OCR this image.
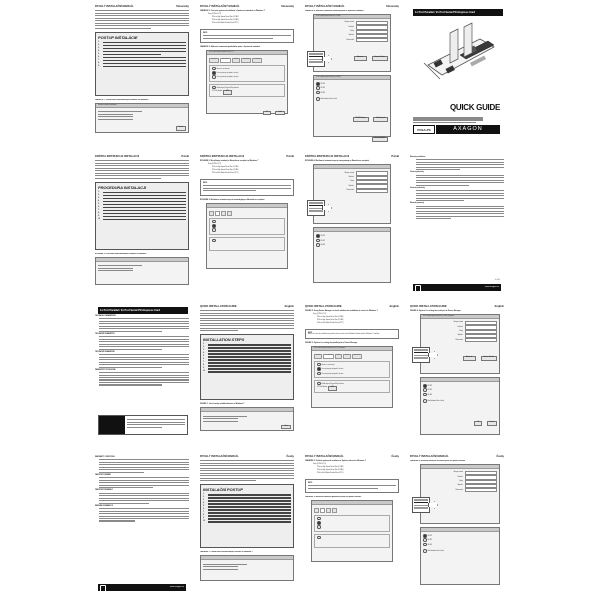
RYCHLÝ INSTALAČNÍ MANUÁL	Slovensky
POSTUP INŠTALÁCIE
1.
2.
3.
4.
5.
6.
7.
8.
9.
OBRÁZOK 1: Príklad novo nainštalovaných zariadení vo Windows 7
Inštalácia ovládača zariadenia
Zavrieť
RYCHLÝ INŠTALAČNÝ MANUÁL	Slovensky
OBRÁZOK 2: Overenie správnosti inštalácie v Správcovi zariadení vo Windows 7
Porty (COM & LPT)
PCIe to High Speed Serial Port (COM3)
PCIe to High Speed Serial Port (COM4)
PCIe to Multi Mode Parallel Port (LPT1)
INFO
OBRÁZOK 3: Možnosti nastavenia paralelného portu v Správcovi zariadení
PCIe to Multi Mode Parallel Port (LPT1)
Všeobecné	Port Settings	Ovládač	Podrobnosti	Prostriedky
Never use an interrupt
Use any interrupt assigned to the port
Use any interrupt assigned to the port
Enable legacy Plug and Play detection
LPT Port Number: LPT1
OK	Zrušiť
RYCHLÝ INŠTALAČNÝ MANUÁL	Slovensky
OBRÁZOK 4: Možnosti nastavenia sériového portu v Správcovi zariadení
PCIe to High Speed Serial Port (COM3)
Bits per second:
Data bits:
Parity:
Stop bits:
Flow control:
Advanced...	Restore Defaults

PCIe to High Speed Serial Port (COM3)
RS-232
RS-422
RS-485
Auto Hardware Flow Control
RS-485 Settings	Set Maxspeed
Restore Defaults

1x Port Parallel / 2x Port Serial PCI-Express Card
QUICK GUIDE
PCEA-PS	AXAGON
KRÓTKA INSTRUKCJA INSTALACJI	Polski
PROCEDURA INSTALACJI
1.
2.
3.
4.
5.
6.
7.
8.
9.
10.
RYSUNEK 1: Lista nowo zainstalowanych urządzeń w Windows 7
KRÓTKA INSTRUKCJA INSTALACJI	Polski
RYSUNEK 2: Weryfikacja instalacji w Menedżerze urządzeń w Windows 7
Porty (COM & LPT)
PCIe to High Speed Serial Port (COM3)
PCIe to High Speed Serial Port (COM4)
PCIe to Multi Mode Parallel Port (LPT1)
INFO
RYSUNEK 3: Możliwości ustawienia portu równoległego w Menedżerze urządzeń

KRÓTKA INSTRUKCJA INSTALACJI	Polski
RYSUNEK 4: Możliwości ustawienia portu szeregowego w Menedżerze urządzeń
Bits per second:
Data bits:
Parity:
Stop bits:
Flow control:
RS-232
RS-422
RS-485
Warranty conditions
Záruční podmínky
Záručné podmienky
Warunki gwarancji
Ver.2016
www.axagon.eu
1x Port Parallel / 2x Port Serial PCI-Express Card
TECHNICAL PARAMETERS
TECHNICKÉ PARAMETRY
TECHNICKÉ PARAMETRE
PARAMETRY TECHNICZNE
QUICK INSTALLATION GUIDE	English
INSTALLATION STEPS
1.
2.
3.
4.
5.
6.
7.
8.
9.
10.
FIGURE 1: List of newly installed devices in Windows 7
Close
QUICK INSTALLATION GUIDE	English
FIGURE 2: Using Device Manager to check whether the installation is correct in Windows 7
Porty (COM & LPT)
PCIe to High Speed Serial Port (COM3)
PCIe to High Speed Serial Port (COM4)
PCIe to Multi Mode Parallel Port (LPT1)
INFO
drivers can also be installed using online direct search via the Windows Update tool for Windows 7 and later
FIGURE 3: Options for setting the parallel port in Device Manager
PCIe to Multi Mode Parallel Port (LPT1) Properties
General	Port Settings	Driver	Details	Resources
Never use an interrupt
Use any interrupt assigned to the port
Use any interrupt assigned to the port
Enable legacy Plug and Play detection
LPT Port Number: LPT1
QUICK INSTALLATION GUIDE	English
FIGURE 4: Options for setting the serial port in Device Manager
PCIe to High Speed Serial Port (COM3) Properties
Bits per second:
Data bits:
Parity:
Stop bits:
Flow control:
Advanced...	Restore Defaults
RS-232
RS-422
RS-485
Auto Hardware Flow Control
OK	Cancel
WARRANTY CONDITIONS
ZÁRUČNÍ PODMÍNKY
ZÁRUČNÉ PODMIENKY
WARUNKI GWARANCJI
www.axagon.eu
RYCHLÝ INSTALAČNÍ MANUÁL	Česky
INSTALAČNÍ POSTUP
1.
2.
3.
4.
5.
6.
7.
8.
9.
10.
OBRÁZEK 1: Příklad nově nainstalovaných zařízení ve Windows 7
RYCHLÝ INSTALAČNÍ MANUÁL	Česky
OBRÁZEK 2: Ověření správnosti instalace ve Správci zařízení ve Windows 7
Porty (COM & LPT)
PCIe to High Speed Serial Port (COM3)
PCIe to High Speed Serial Port (COM4)
PCIe to Multi Mode Parallel Port (LPT1)
INFO
OBRÁZEK 3: Možnosti nastavení paralelního portu ve Správci zařízení

RYCHLÝ INSTALAČNÍ MANUÁL	Česky
OBRÁZEK 4: Možnosti nastavení sériového portu ve Správci zařízení
Bits per second:
Data bits:
Parity:
Stop bits:
Flow control:
RS-232
RS-422
RS-485
Auto Hardware Flow Control
